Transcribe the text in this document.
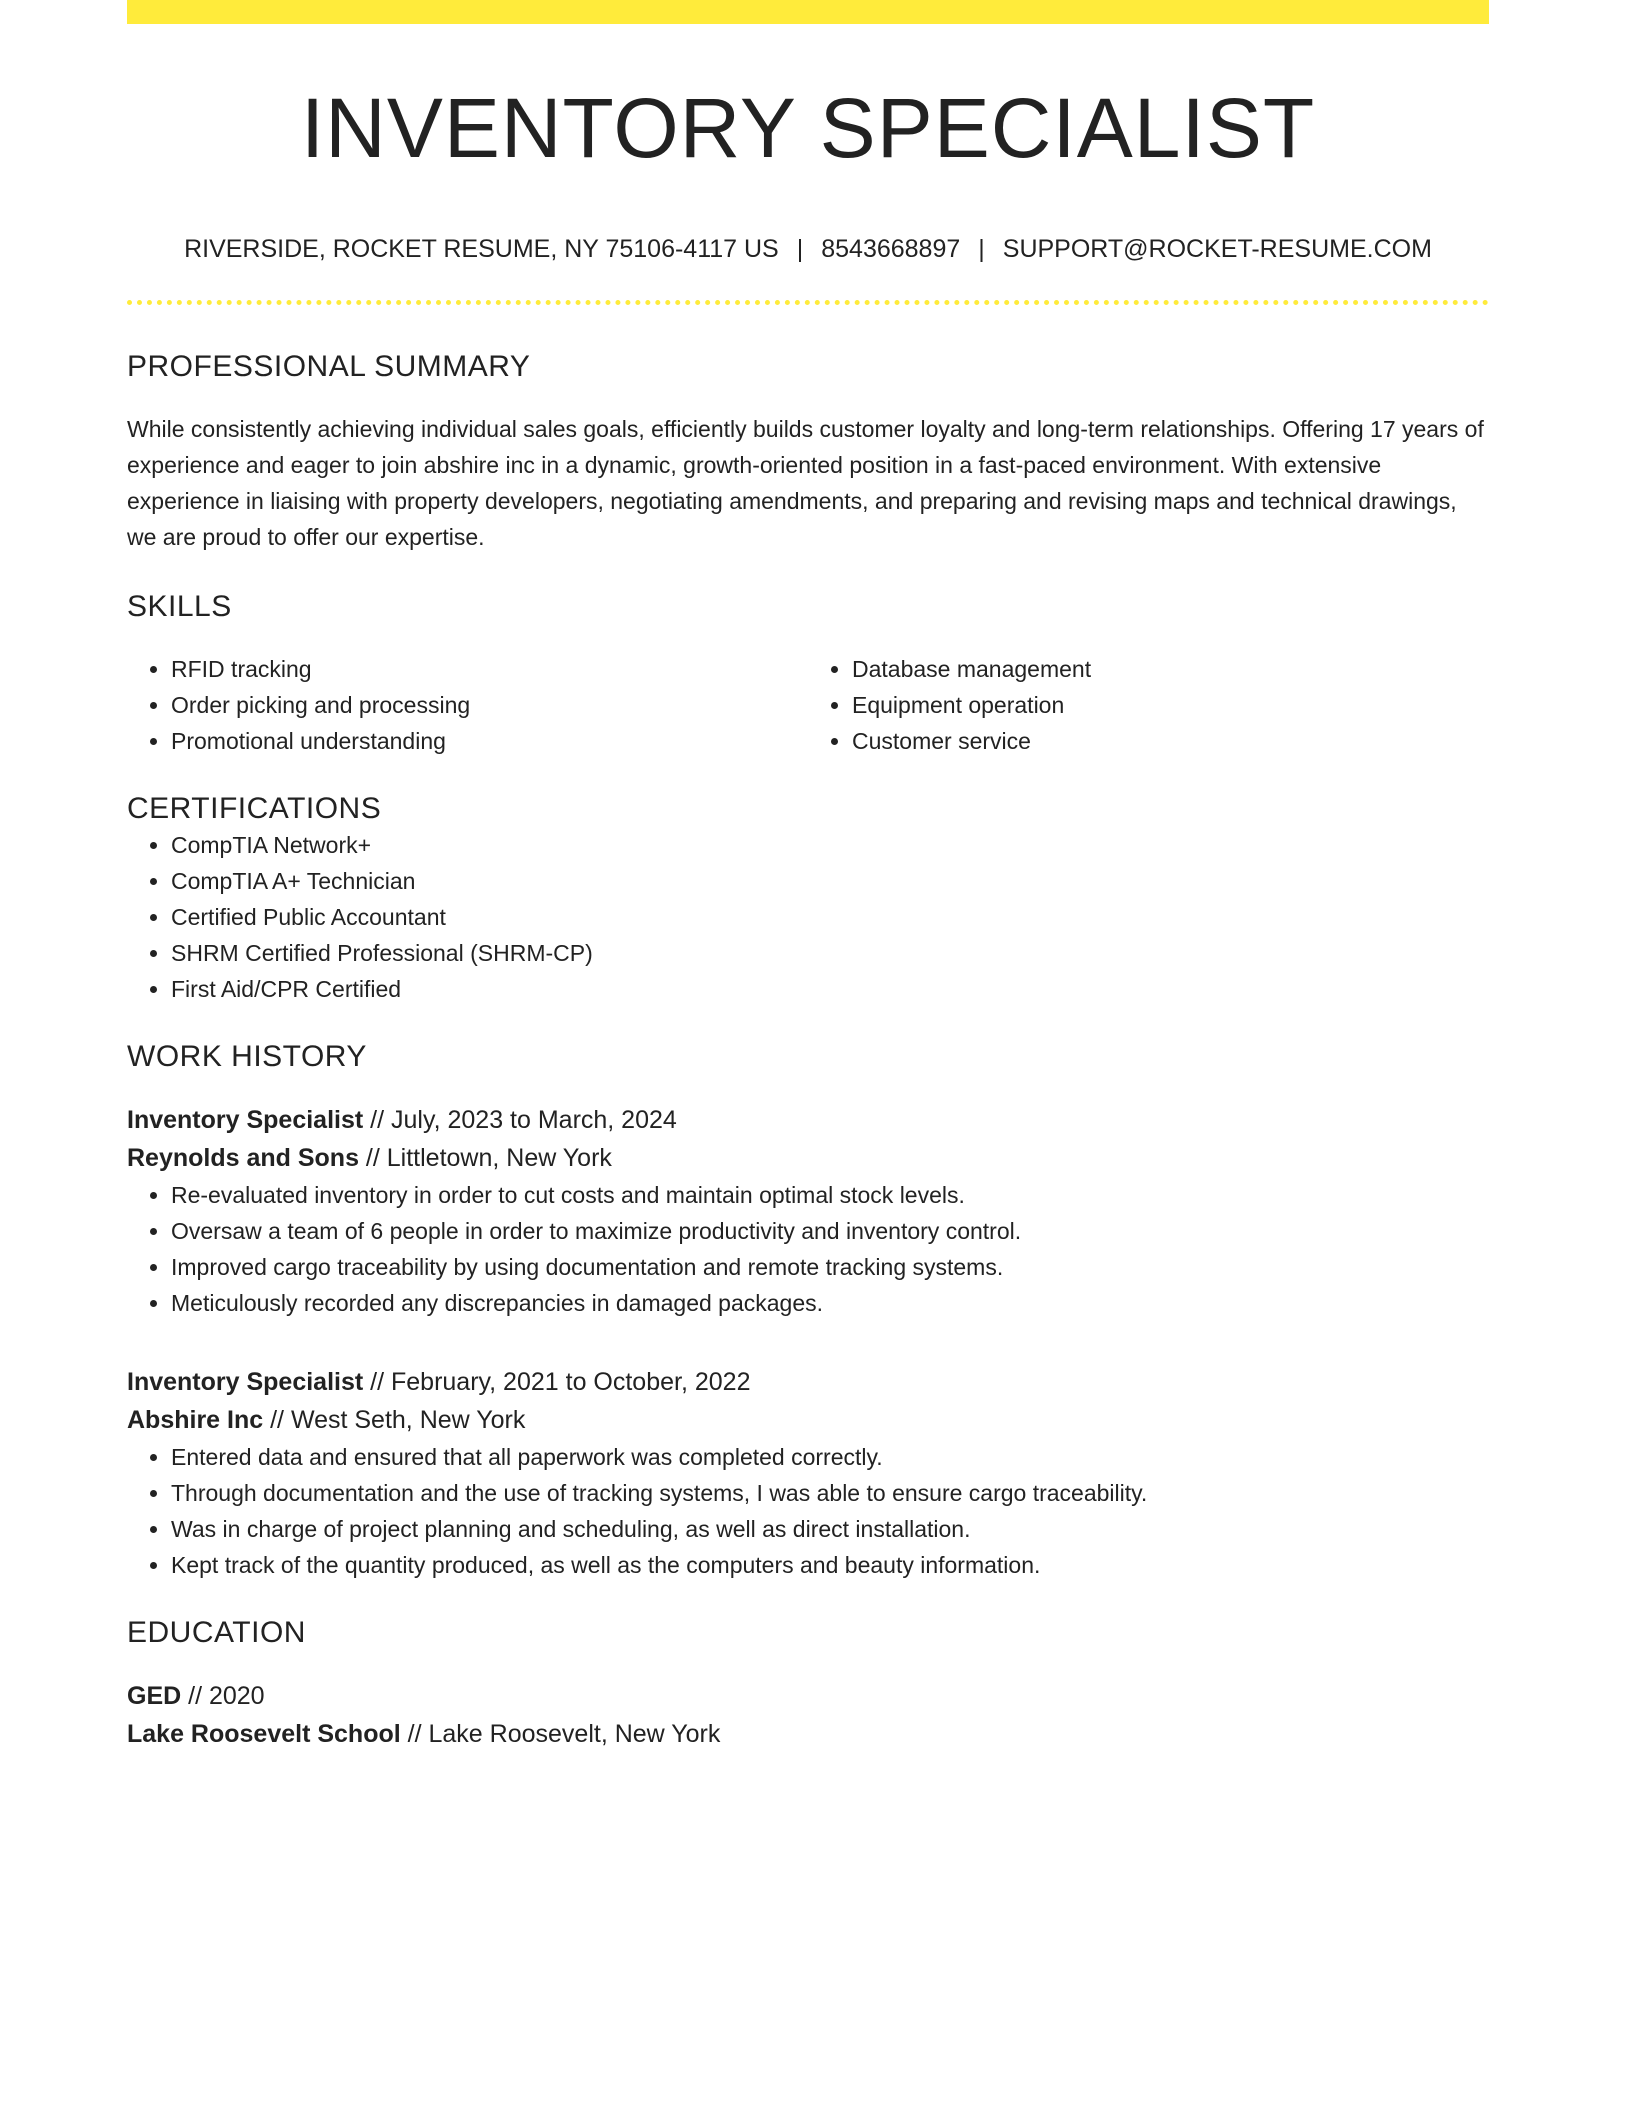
INVENTORY SPECIALIST
RIVERSIDE, ROCKET RESUME, NY 75106-4117 US | 8543668897 | SUPPORT@ROCKET-RESUME.COM
PROFESSIONAL SUMMARY

While consistently achieving individual sales goals, efficiently builds customer loyalty and long-term relationships. Offering 17 years of experience and eager to join abshire inc in a dynamic, growth-oriented position in a fast-paced environment. With extensive experience in liaising with property developers, negotiating amendments, and preparing and revising maps and technical drawings, we are proud to offer our expertise.

SKILLS
• RFID tracking
• Order picking and processing
• Promotional understanding
• Database management
• Equipment operation
• Customer service
CERTIFICATIONS
• CompTIA Network+
• CompTIA A+ Technician
• Certified Public Accountant
• SHRM Certified Professional (SHRM-CP)
• First Aid/CPR Certified
WORK HISTORY
Inventory Specialist // July, 2023 to March, 2024
Reynolds and Sons // Littletown, New York
• Re-evaluated inventory in order to cut costs and maintain optimal stock levels.
• Oversaw a team of 6 people in order to maximize productivity and inventory control.
• Improved cargo traceability by using documentation and remote tracking systems.
• Meticulously recorded any discrepancies in damaged packages.
Inventory Specialist // February, 2021 to October, 2022
Abshire Inc // West Seth, New York
• Entered data and ensured that all paperwork was completed correctly.
• Through documentation and the use of tracking systems, I was able to ensure cargo traceability.
• Was in charge of project planning and scheduling, as well as direct installation.
• Kept track of the quantity produced, as well as the computers and beauty information.
EDUCATION
GED // 2020
Lake Roosevelt School // Lake Roosevelt, New York
